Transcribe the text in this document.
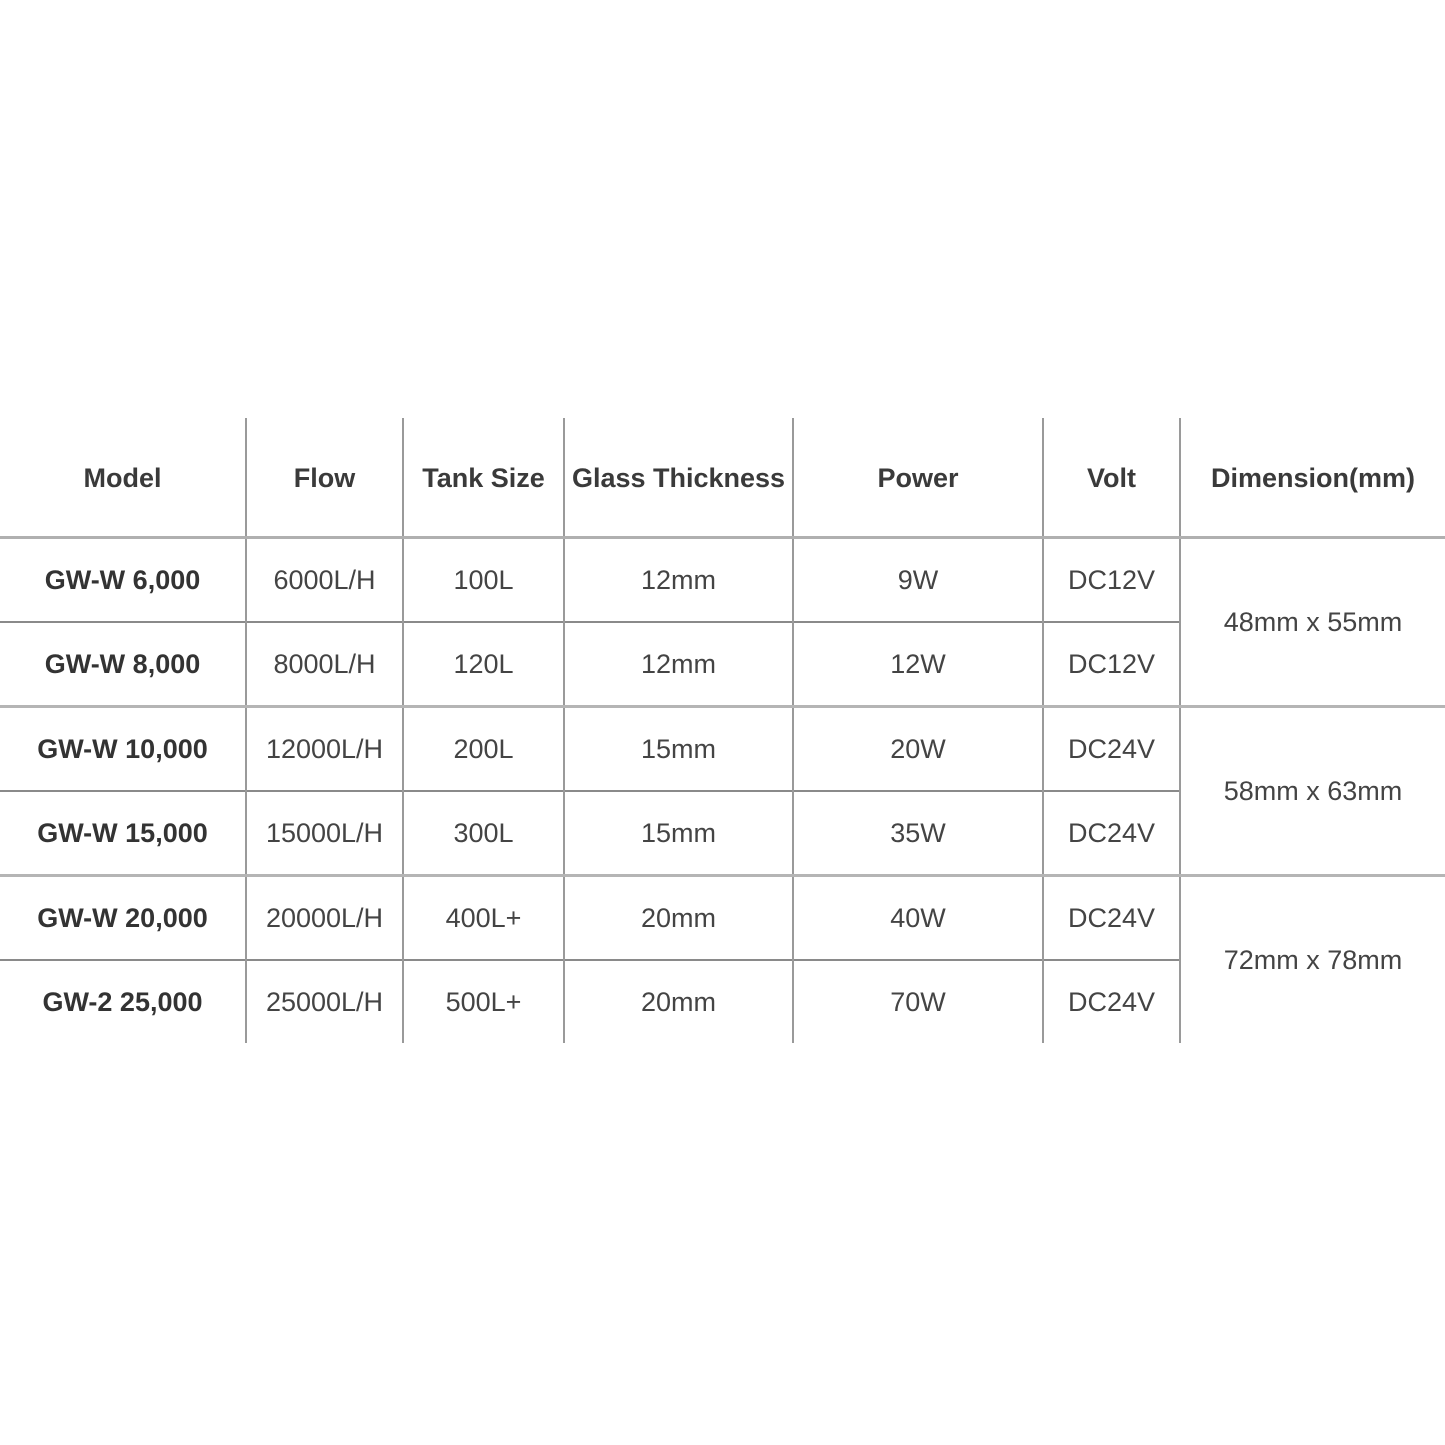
Model	Flow	Tank Size	Glass Thickness	Power	Volt	Dimension(mm)
GW-W 6,000	6000L/H	100L	12mm	9W	DC12V	48mm x 55mm
GW-W 8,000	8000L/H	120L	12mm	12W	DC12V	
GW-W 10,000	12000L/H	200L	15mm	20W	DC24V	58mm x 63mm
GW-W 15,000	15000L/H	300L	15mm	35W	DC24V	
GW-W 20,000	20000L/H	400L+	20mm	40W	DC24V	72mm x 78mm
GW-2 25,000	25000L/H	500L+	20mm	70W	DC24V	
